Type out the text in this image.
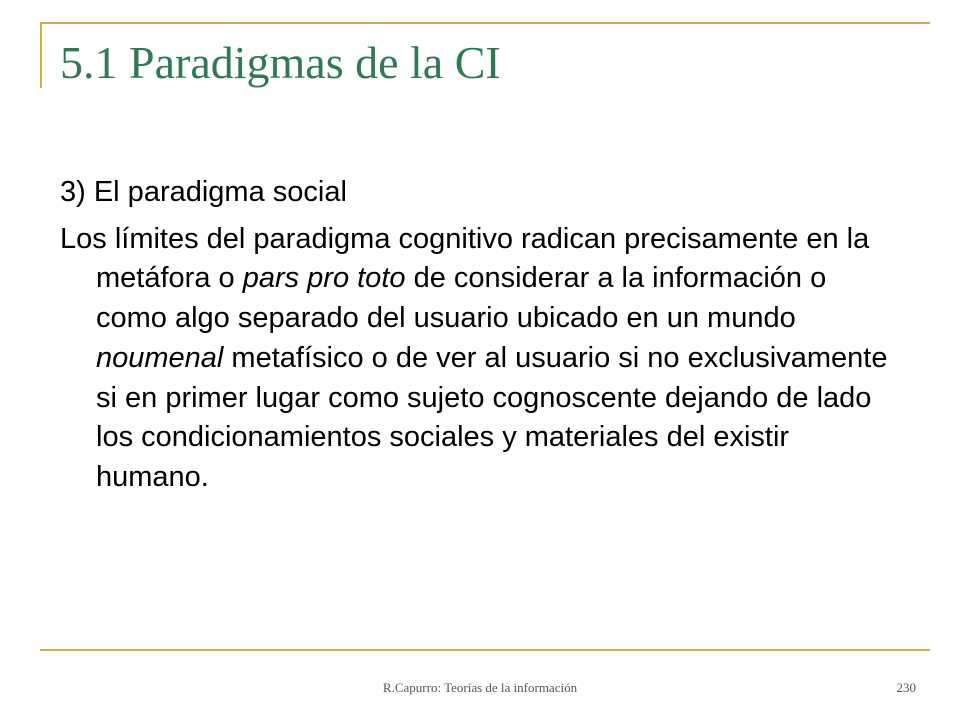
5.1 Paradigmas de la CI

3) El paradigma social

Los límites del paradigma cognitivo radican precisamente en la metáfora o pars pro toto de considerar a la información o como algo separado del usuario ubicado en un mundo noumenal metafísico o de ver al usuario si no exclusivamente si en primer lugar como sujeto cognoscente dejando de lado los condicionamientos sociales y materiales del existir humano.

R.Capurro: Teorías de la información	230
